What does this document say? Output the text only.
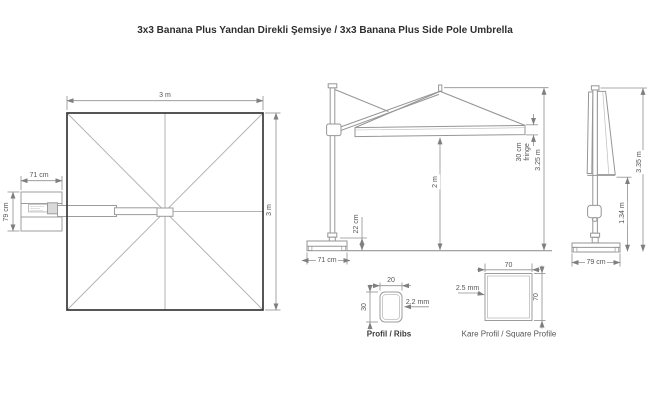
3x3 Banana Plus Yandan Direkli Şemsiye / 3x3 Banana Plus Side Pole Umbrella
3 m
3 m
71 cm
79 cm
22 cm
2 m
30 cm fringe 3.25 m
71 cm
1.34 m
3.35 m
79 cm
20
30
2.2 mm
Profil / Ribs
70
70
2.5 mm
Kare Profil / Square Profile
